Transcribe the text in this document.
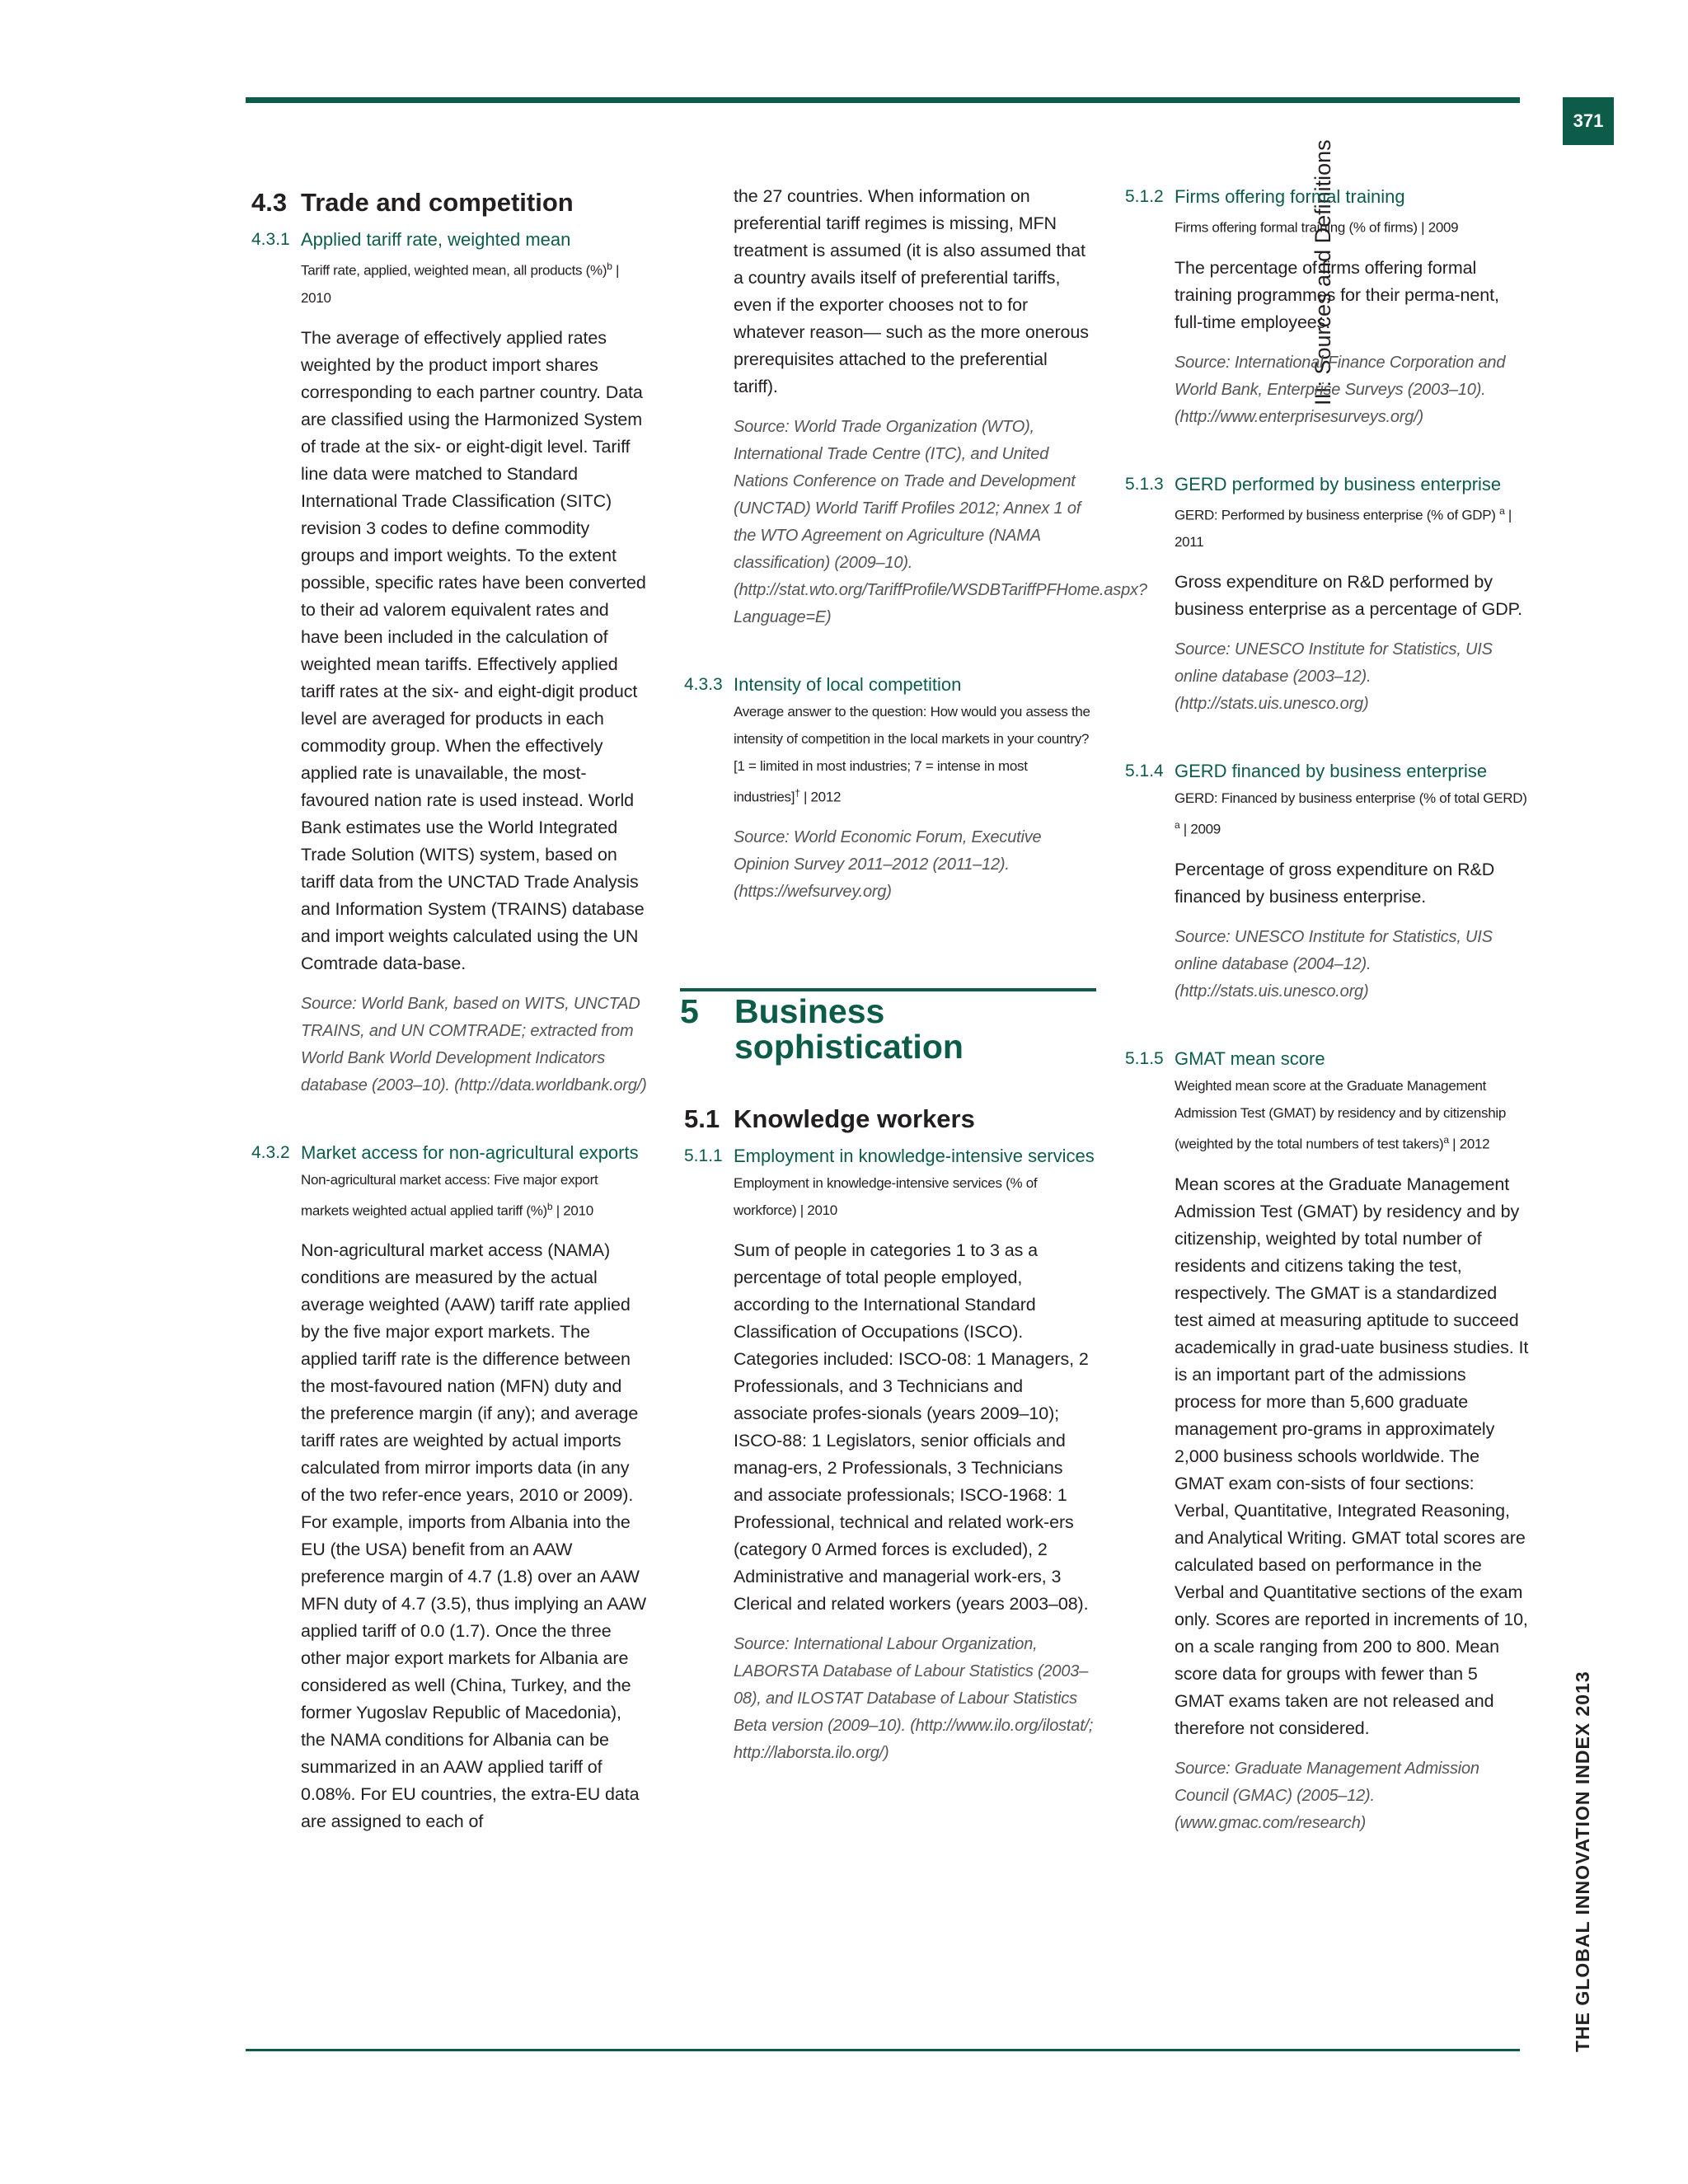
371
III: Sources and Definitions
THE GLOBAL INNOVATION INDEX 2013
4.3 Trade and competition
4.3.1 Applied tariff rate, weighted mean

Tariff rate, applied, weighted mean, all products (%)$^b$ | 2010

The average of effectively applied rates weighted by the product import shares corresponding to each partner country. Data are classified using the Harmonized System of trade at the six- or eight-digit level. Tariff line data were matched to Standard International Trade Classification (SITC) revision 3 codes to define commodity groups and import weights. To the extent possible, specific rates have been converted to their ad valorem equivalent rates and have been included in the calculation of weighted mean tariffs. Effectively applied tariff rates at the six- and eight-digit product level are averaged for products in each commodity group. When the effectively applied rate is unavailable, the most-favoured nation rate is used instead. World Bank estimates use the World Integrated Trade Solution (WITS) system, based on tariff data from the UNCTAD Trade Analysis and Information System (TRAINS) database and import weights calculated using the UN Comtrade data-base.

Source: World Bank, based on WITS, UNCTAD TRAINS, and UN COMTRADE; extracted from World Bank World Development Indicators database (2003–10). (http://data.worldbank.org/)

4.3.2 Market access for non-agricultural exports

Non-agricultural market access: Five major export markets weighted actual applied tariff (%)$^b$ | 2010

Non-agricultural market access (NAMA) conditions are measured by the actual average weighted (AAW) tariff rate applied by the five major export markets. The applied tariff rate is the difference between the most-favoured nation (MFN) duty and the preference margin (if any); and average tariff rates are weighted by actual imports calculated from mirror imports data (in any of the two refer-ence years, 2010 or 2009). For example, imports from Albania into the EU (the USA) benefit from an AAW preference margin of 4.7 (1.8) over an AAW MFN duty of 4.7 (3.5), thus implying an AAW applied tariff of 0.0 (1.7). Once the three other major export markets for Albania are considered as well (China, Turkey, and the former Yugoslav Republic of Macedonia), the NAMA conditions for Albania can be summarized in an AAW applied tariff of 0.08%. For EU countries, the extra-EU data are assigned to each of

the 27 countries. When information on preferential tariff regimes is missing, MFN treatment is assumed (it is also assumed that a country avails itself of preferential tariffs, even if the exporter chooses not to for whatever reason— such as the more onerous prerequisites attached to the preferential tariff).

Source: World Trade Organization (WTO), International Trade Centre (ITC), and United Nations Conference on Trade and Development (UNCTAD) World Tariff Profiles 2012; Annex 1 of the WTO Agreement on Agriculture (NAMA classification) (2009–10). (http://stat.wto.org/TariffProfile/WSDBTariffPFHome.aspx?Language=E)

4.3.3 Intensity of local competition

Average answer to the question: How would you assess the intensity of competition in the local markets in your country? [1 = limited in most industries; 7 = intense in most industries]† | 2012

Source: World Economic Forum, Executive Opinion Survey 2011–2012 (2011–12). (https://wefsurvey.org)

5	Business sophistication
5.1 Knowledge workers
5.1.1 Employment in knowledge-intensive services

Employment in knowledge-intensive services (% of workforce) | 2010

Sum of people in categories 1 to 3 as a percentage of total people employed, according to the International Standard Classification of Occupations (ISCO). Categories included: ISCO-08: 1 Managers, 2 Professionals, and 3 Technicians and associate profes-sionals (years 2009–10); ISCO-88: 1 Legislators, senior officials and manag-ers, 2 Professionals, 3 Technicians and associate professionals; ISCO-1968: 1 Professional, technical and related work-ers (category 0 Armed forces is excluded), 2 Administrative and managerial work-ers, 3 Clerical and related workers (years 2003–08).

Source: International Labour Organization, LABORSTA Database of Labour Statistics (2003–08), and ILOSTAT Database of Labour Statistics Beta version (2009–10). (http://www.ilo.org/ilostat/; http://laborsta.ilo.org/)

5.1.2 Firms offering formal training

Firms offering formal training (% of firms) | 2009

The percentage of firms offering formal training programmes for their perma-nent, full-time employees.

Source: International Finance Corporation and World Bank, Enterprise Surveys (2003–10). (http://www.enterprisesurveys.org/)

5.1.3 GERD performed by business enterprise

GERD: Performed by business enterprise (% of GDP) $^a$ | 2011

Gross expenditure on R&D performed by business enterprise as a percentage of GDP.

Source: UNESCO Institute for Statistics, UIS online database (2003–12). (http://stats.uis.unesco.org)

5.1.4 GERD financed by business enterprise

GERD: Financed by business enterprise (% of total GERD) $^a$ | 2009

Percentage of gross expenditure on R&D financed by business enterprise.

Source: UNESCO Institute for Statistics, UIS online database (2004–12). (http://stats.uis.unesco.org)

5.1.5 GMAT mean score

Weighted mean score at the Graduate Management Admission Test (GMAT) by residency and by citizenship (weighted by the total numbers of test takers)$^a$ | 2012

Mean scores at the Graduate Management Admission Test (GMAT) by residency and by citizenship, weighted by total number of residents and citizens taking the test, respectively. The GMAT is a standardized test aimed at measuring aptitude to succeed academically in grad-uate business studies. It is an important part of the admissions process for more than 5,600 graduate management pro-grams in approximately 2,000 business schools worldwide. The GMAT exam con-sists of four sections: Verbal, Quantitative, Integrated Reasoning, and Analytical Writing. GMAT total scores are calculated based on performance in the Verbal and Quantitative sections of the exam only. Scores are reported in increments of 10, on a scale ranging from 200 to 800. Mean score data for groups with fewer than 5 GMAT exams taken are not released and therefore not considered.

Source: Graduate Management Admission Council (GMAC) (2005–12). (www.gmac.com/research)
